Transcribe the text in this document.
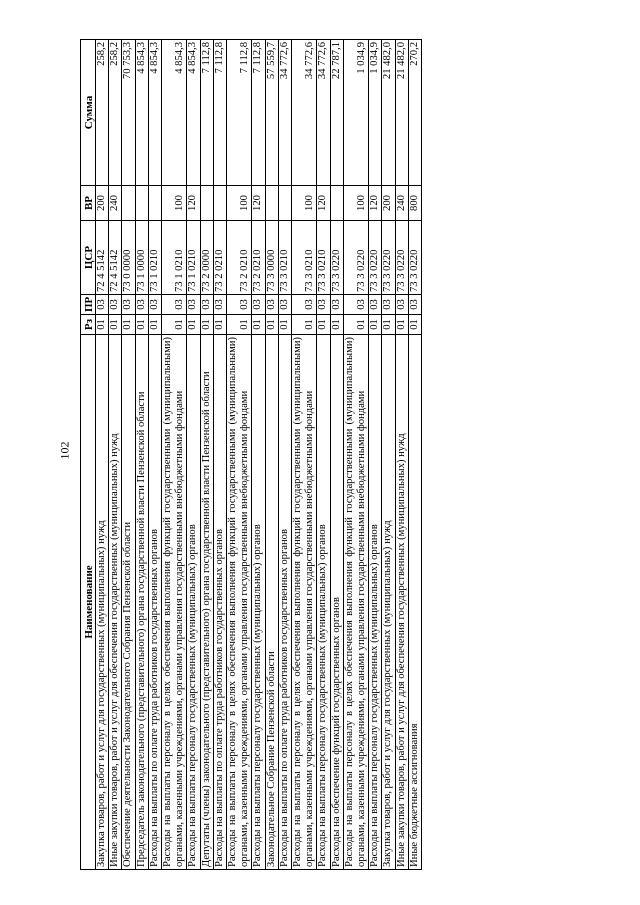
102
Наименование	Рз	ПР	ЦСР	ВР	Сумма
Закупка товаров, работ и услуг для государственных (муниципальных) нужд	01	03	72 4 5142	200	258,2
Иные закупки товаров, работ и услуг для обеспечения государственных (муниципальных) нужд	01	03	72 4 5142	240	258,2
Обеспечение деятельности Законодательного Собрания Пензенской области	01	03	73 0 0000		70 753,3
Председатель законодательного (представительного) органа государственной власти Пензенской области	01	03	73 1 0000		4 854,3
Расходы на выплаты по оплате труда работников государственных органов	01	03	73 1 0210		4 854,3
Расходы на выплаты персоналу в целях обеспечения выполнения функций государственными (муниципальными) органами, казенными учреждениями, органами управления государственными внебюджетными фондами	01	03	73 1 0210	100	4 854,3
Расходы на выплаты персоналу государственных (муниципальных) органов	01	03	73 1 0210	120	4 854,3
Депутаты (члены) законодательного (представительного) органа государственной власти Пензенской области	01	03	73 2 0000		7 112,8
Расходы на выплаты по оплате труда работников государственных органов	01	03	73 2 0210		7 112,8
Расходы на выплаты персоналу в целях обеспечения выполнения функций государственными (муниципальными) органами, казенными учреждениями, органами управления государственными внебюджетными фондами	01	03	73 2 0210	100	7 112,8
Расходы на выплаты персоналу государственных (муниципальных) органов	01	03	73 2 0210	120	7 112,8
Законодательное Собрание Пензенской области	01	03	73 3 0000		57 559,7
Расходы на выплаты по оплате труда работников государственных органов	01	03	73 3 0210		34 772,6
Расходы на выплаты персоналу в целях обеспечения выполнения функций государственными (муниципальными) органами, казенными учреждениями, органами управления государственными внебюджетными фондами	01	03	73 3 0210	100	34 772,6
Расходы на выплаты персоналу государственных (муниципальных) органов	01	03	73 3 0210	120	34 772,6
Расходы на обеспечение функций государственных органов	01	03	73 3 0220		22 787,1
Расходы на выплаты персоналу в целях обеспечения выполнения функций государственными (муниципальными) органами, казенными учреждениями, органами управления государственными внебюджетными фондами	01	03	73 3 0220	100	1 034,9
Расходы на выплаты персоналу государственных (муниципальных) органов	01	03	73 3 0220	120	1 034,9
Закупка товаров, работ и услуг для государственных (муниципальных) нужд	01	03	73 3 0220	200	21 482,0
Иные закупки товаров, работ и услуг для обеспечения государственных (муниципальных) нужд	01	03	73 3 0220	240	21 482,0
Иные бюджетные ассигнования	01	03	73 3 0220	800	270,2
